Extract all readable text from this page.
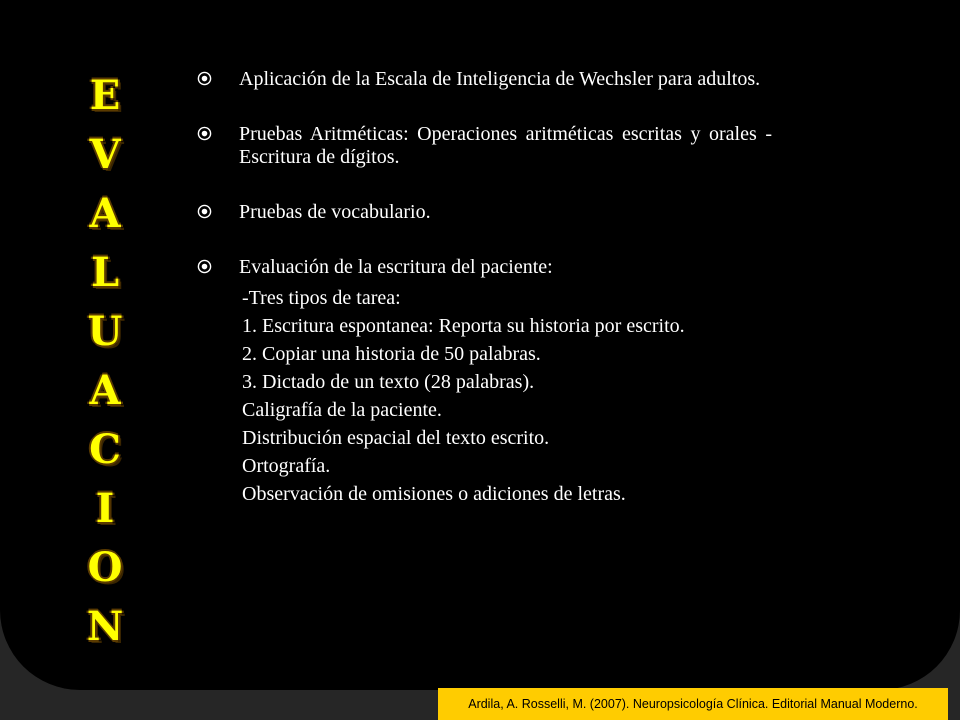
E
V
A
L
U
A
C
I
O
N
Aplicación de la Escala de Inteligencia de Wechsler para adultos.
Pruebas Aritméticas: Operaciones aritméticas escritas y orales - Escritura de dígitos.
Pruebas de vocabulario.
Evaluación de la escritura del paciente:
-Tres tipos de tarea:
1. Escritura espontanea: Reporta su historia por escrito.
2. Copiar una historia de 50 palabras.
3. Dictado de un texto (28 palabras).
Caligrafía de la paciente.
Distribución espacial del texto escrito.
Ortografía.
Observación de omisiones o adiciones de letras.
Ardila, A. Rosselli, M. (2007). Neuropsicología Clínica. Editorial Manual Moderno.
